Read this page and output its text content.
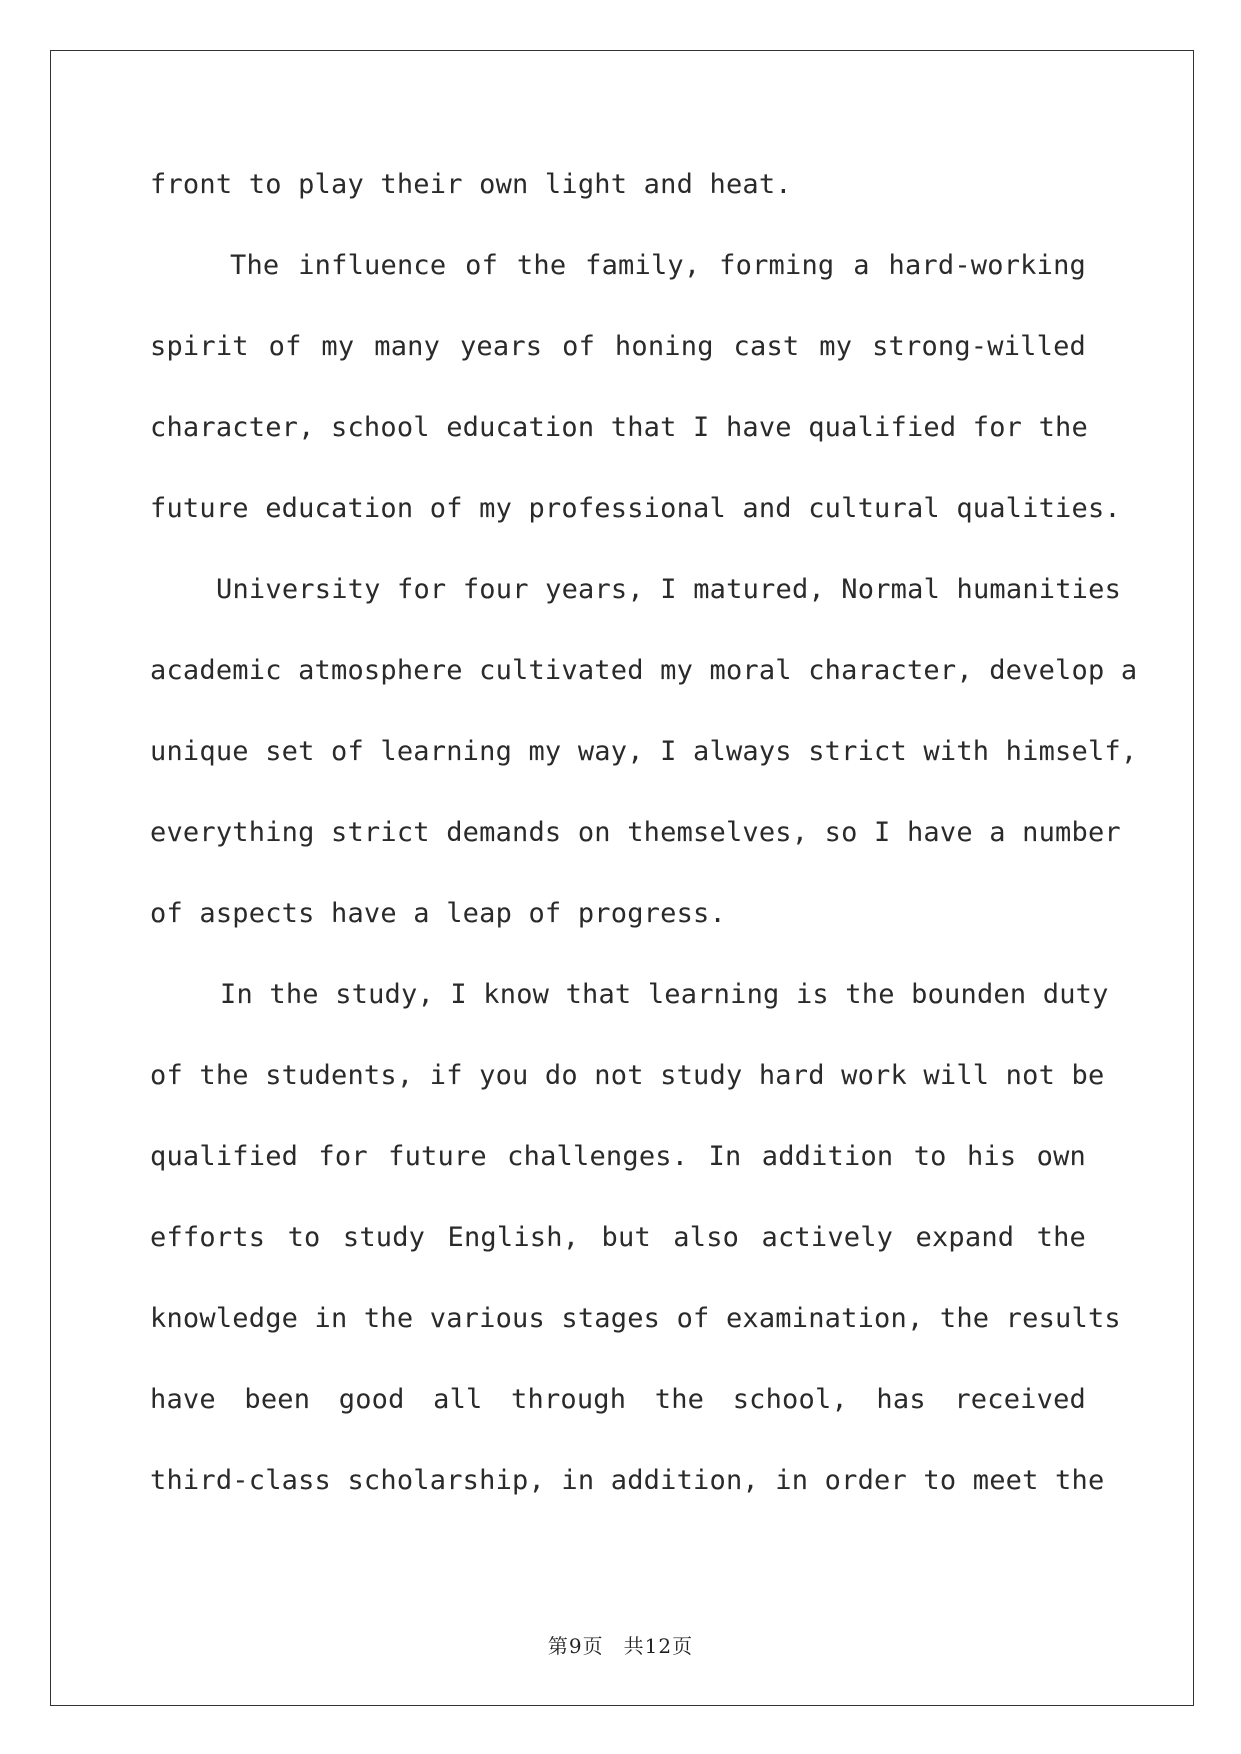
front to play their own light and heat.
The influence of the family, forming a hard-working
spirit of my many years of honing cast my strong-willed
character, school education that I have qualified for the
future education of my professional and cultural qualities.
University for four years, I matured, Normal humanities
academic atmosphere cultivated my moral character, develop a
unique set of learning my way, I always strict with himself,
everything strict demands on themselves, so I have a number
of aspects have a leap of progress.
In the study, I know that learning is the bounden duty
of the students, if you do not study hard work will not be
qualified for future challenges. In addition to his own
efforts to study English, but also actively expand the
knowledge in the various stages of examination, the results
have been good all through the school, has received
third-class scholarship, in addition, in order to meet the
第9页 共12页
